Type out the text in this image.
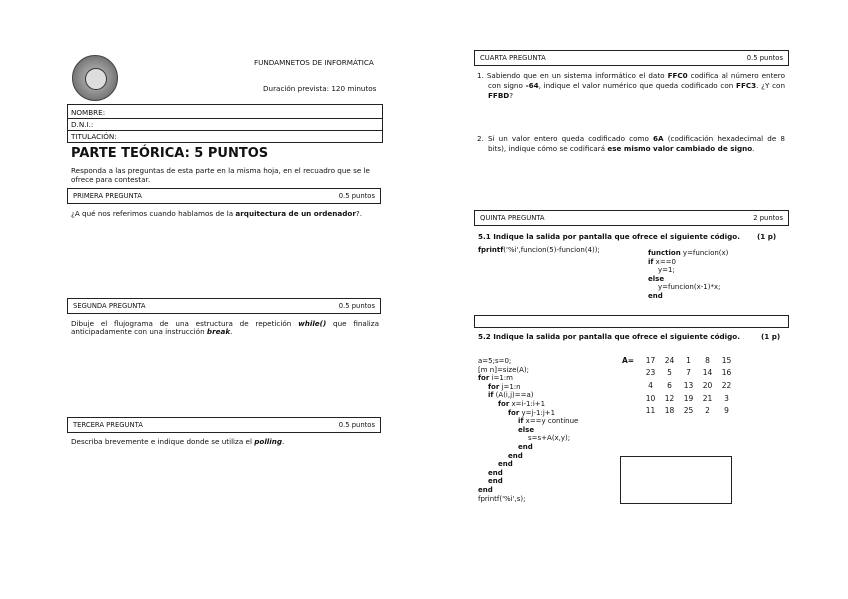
FUNDAMNETOS DE INFORMÁTICA
Duración prevista: 120 minutos
NOMBRE:
D.N.I.:
TITULACIÓN:
PARTE TEÓRICA: 5 PUNTOS
Responda a las preguntas de esta parte en la misma hoja, en el recuadro que se le
ofrece para contestar.
PRIMERA PREGUNTA	0.5 puntos
¿A qué nos referimos cuando hablamos de la arquitectura de un ordenador?.
SEGUNDA PREGUNTA	0.5 puntos
Dibuje el flujograma de una estructura de repetición while() que finaliza
anticipadamente con una instrucción break.
TERCERA PREGUNTA	0.5 puntos
Describa brevemente e indique donde se utiliza el polling.
CUARTA PREGUNTA	0.5 puntos
1. Sabiendo que en un sistema informático el dato FFC0 codifica al número entero
con signo -64, indique el valor numérico que queda codificado con FFC3. ¿Y con
FFBD?
2. Si un valor entero queda codificado como 6A (codificación hexadecimal de 8
bits), indique cómo se codificará ese mismo valor cambiado de signo.
QUINTA PREGUNTA	2 puntos
5.1 Indique la salida por pantalla que ofrece el siguiente código. (1 p)
fprintf('%i',funcion(5)-funcion(4));	function y=funcion(x)
if x==0
y=1;
else
y=funcion(x-1)*x;
end
5.2 Indique la salida por pantalla que ofrece el siguiente código.	(1 p)
a=5;s=0;
[m n]=size(A);
for i=1:m
for j=1:n
if (A(i,j)==a)
for x=i-1:i+1
for y=j-1:j+1
if x==y continue
else
s=s+A(x,y);
end
end
end
end
end
end
fprintf('%i',s);
A= 17	24	1	8	15
23	5	7	14	16
4	6	13	20	22
10	12	19	21	3
11	18	25	2	9
